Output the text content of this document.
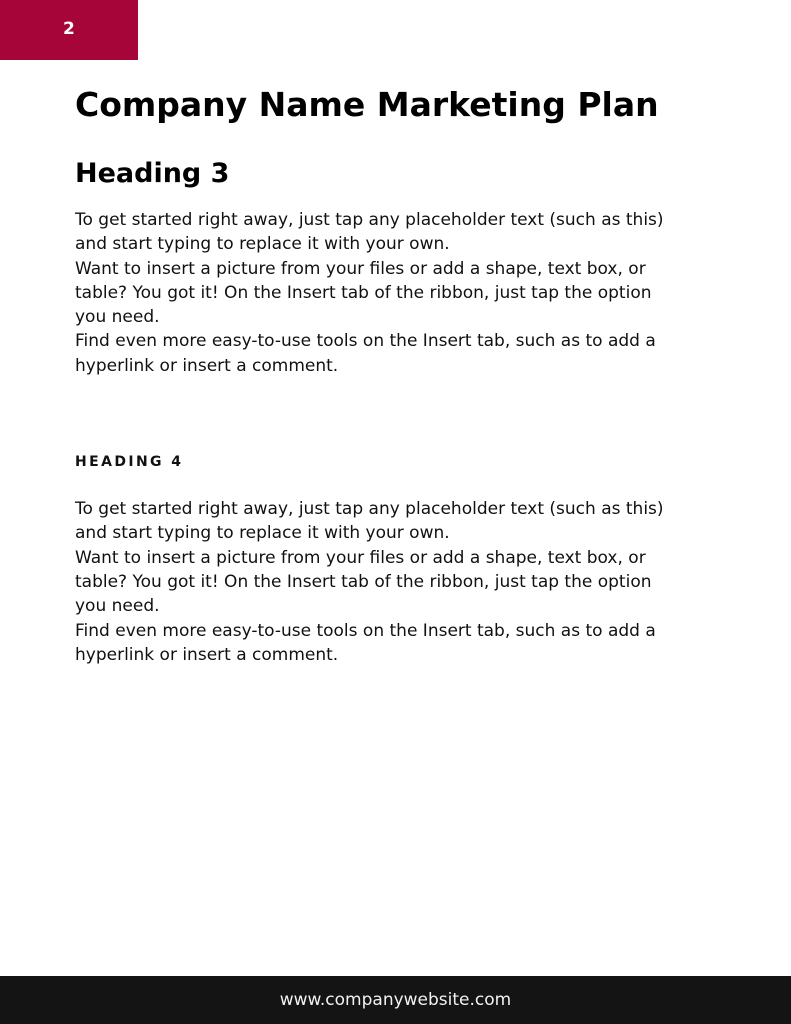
2
Company Name Marketing Plan
Heading 3
To get started right away, just tap any placeholder text (such as this)
and start typing to replace it with your own.
Want to insert a picture from your files or add a shape, text box, or
table? You got it! On the Insert tab of the ribbon, just tap the option
you need.
Find even more easy-to-use tools on the Insert tab, such as to add a
hyperlink or insert a comment.
HEADING 4
To get started right away, just tap any placeholder text (such as this)
and start typing to replace it with your own.
Want to insert a picture from your files or add a shape, text box, or
table? You got it! On the Insert tab of the ribbon, just tap the option
you need.
Find even more easy-to-use tools on the Insert tab, such as to add a
hyperlink or insert a comment.
www.companywebsite.com
